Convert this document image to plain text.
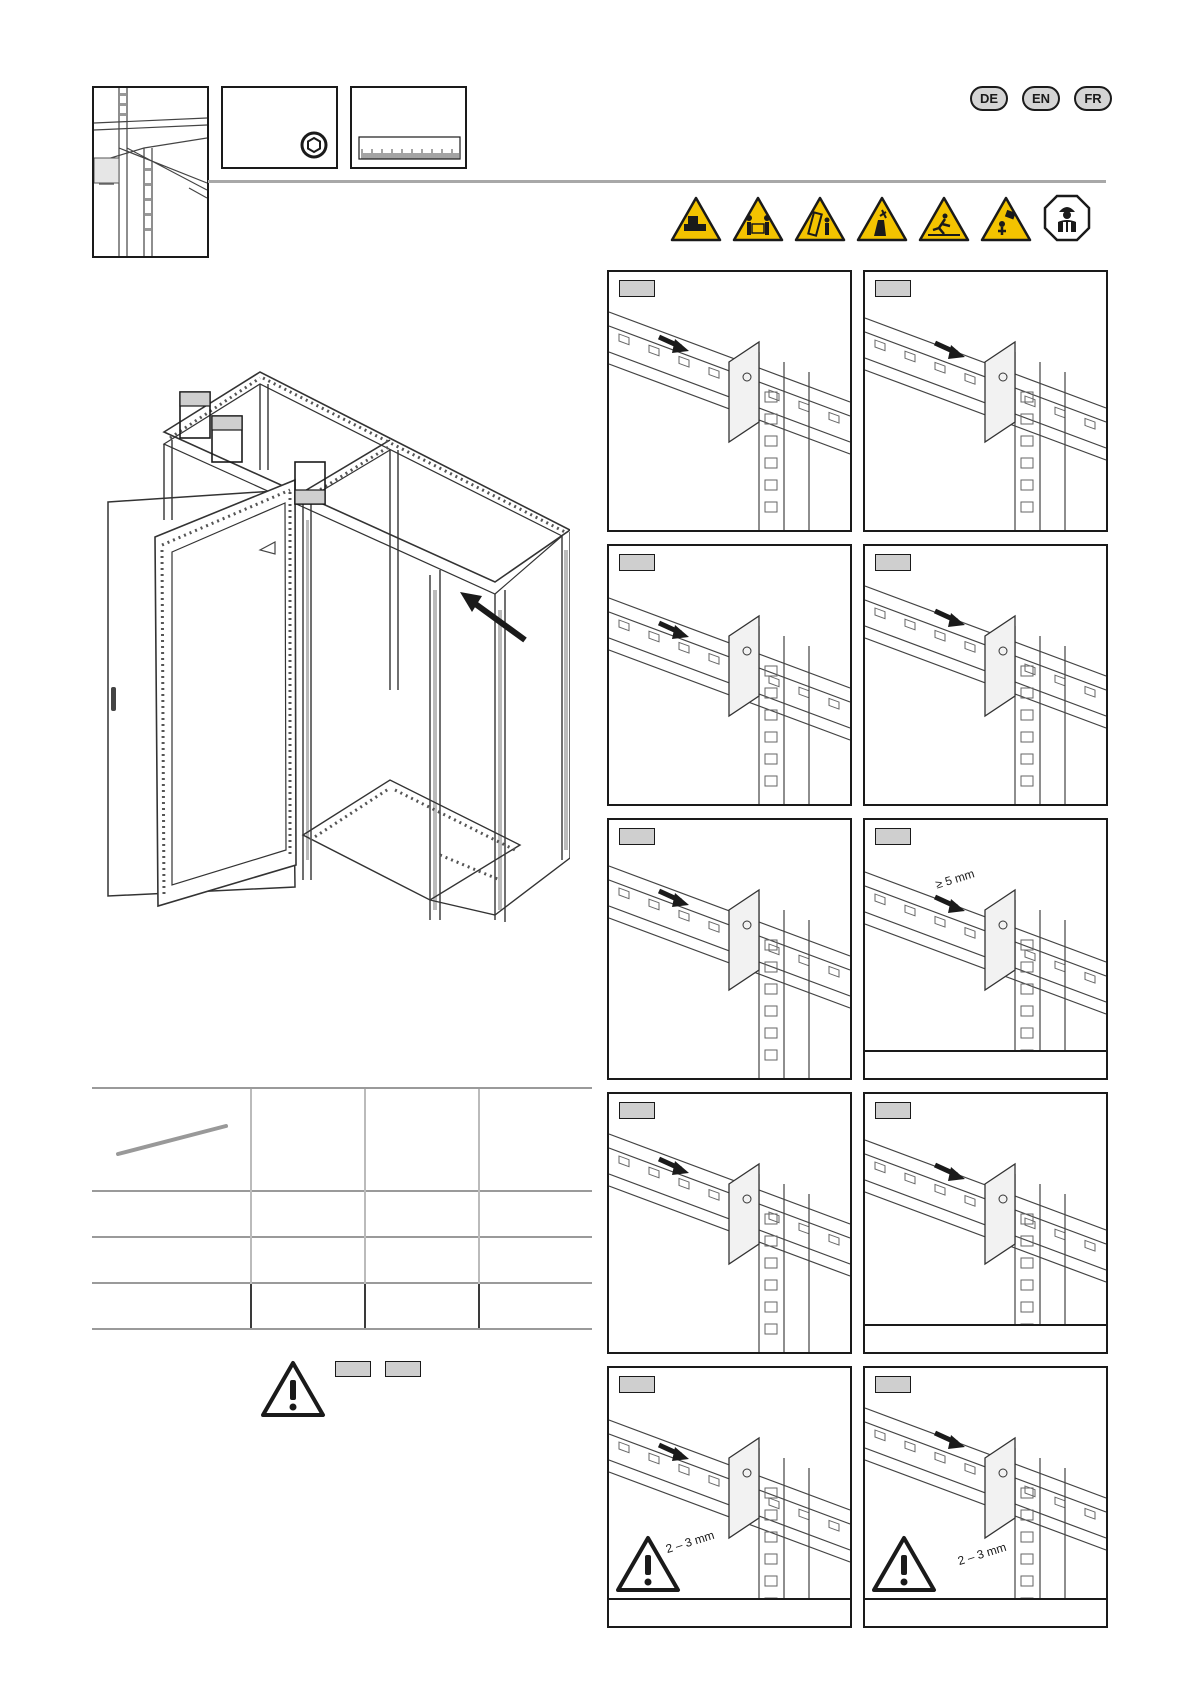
DE	EN	FR
≥ 5 mm
2 – 3 mm	2 – 3 mm
